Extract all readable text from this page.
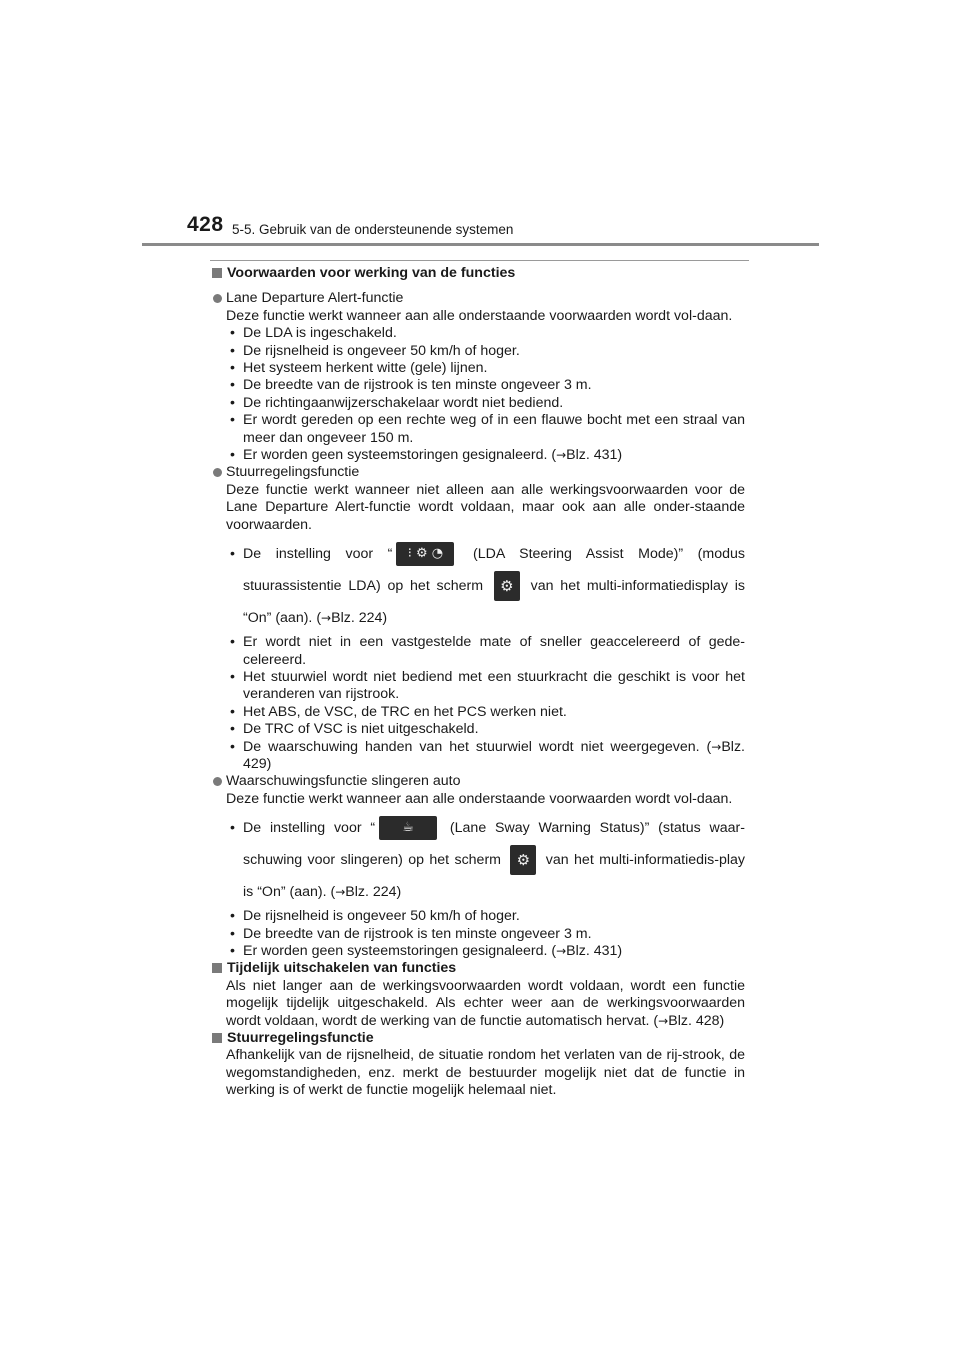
428 5-5. Gebruik van de ondersteunende systemen

Voorwaarden voor werking van de functies

Lane Departure Alert-functie

Deze functie werkt wanneer aan alle onderstaande voorwaarden wordt vol-daan.

• De LDA is ingeschakeld.
• De rijsnelheid is ongeveer 50 km/h of hoger.
• Het systeem herkent witte (gele) lijnen.
• De breedte van de rijstrook is ten minste ongeveer 3 m.
• De richtingaanwijzerschakelaar wordt niet bediend.
• Er wordt gereden op een rechte weg of in een flauwe bocht met een straal van meer dan ongeveer 150 m.
• Er worden geen systeemstoringen gesignaleerd. (→Blz. 431)

Stuurregelingsfunctie

Deze functie werkt wanneer niet alleen aan alle werkingsvoorwaarden voor de Lane Departure Alert-functie wordt voldaan, maar ook aan alle onder-staande voorwaarden.

• De instelling voor “ ⁝ ⚙ ◔ (LDA Steering Assist Mode)” (modus stuurassistentie LDA) op het scherm ⚙ van het multi-informatiedisplay is “On” (aan). (→Blz. 224)
• Er wordt niet in een vastgestelde mate of sneller geaccelereerd of gede-celereerd.
• Het stuurwiel wordt niet bediend met een stuurkracht die geschikt is voor het veranderen van rijstrook.
• Het ABS, de VSC, de TRC en het PCS werken niet.
• De TRC of VSC is niet uitgeschakeld.
• De waarschuwing handen van het stuurwiel wordt niet weergegeven. (→Blz. 429)

Waarschuwingsfunctie slingeren auto

Deze functie werkt wanneer aan alle onderstaande voorwaarden wordt vol-daan.

• De instelling voor “ ☕ (Lane Sway Warning Status)” (status waar-schuwing voor slingeren) op het scherm ⚙ van het multi-informatiedis-play is “On” (aan). (→Blz. 224)
• De rijsnelheid is ongeveer 50 km/h of hoger.
• De breedte van de rijstrook is ten minste ongeveer 3 m.
• Er worden geen systeemstoringen gesignaleerd. (→Blz. 431)

Tijdelijk uitschakelen van functies

Als niet langer aan de werkingsvoorwaarden wordt voldaan, wordt een functie mogelijk tijdelijk uitgeschakeld. Als echter weer aan de werkingsvoorwaarden wordt voldaan, wordt de werking van de functie automatisch hervat. (→Blz. 428)

Stuurregelingsfunctie

Afhankelijk van de rijsnelheid, de situatie rondom het verlaten van de rij-strook, de wegomstandigheden, enz. merkt de bestuurder mogelijk niet dat de functie in werking is of werkt de functie mogelijk helemaal niet.
